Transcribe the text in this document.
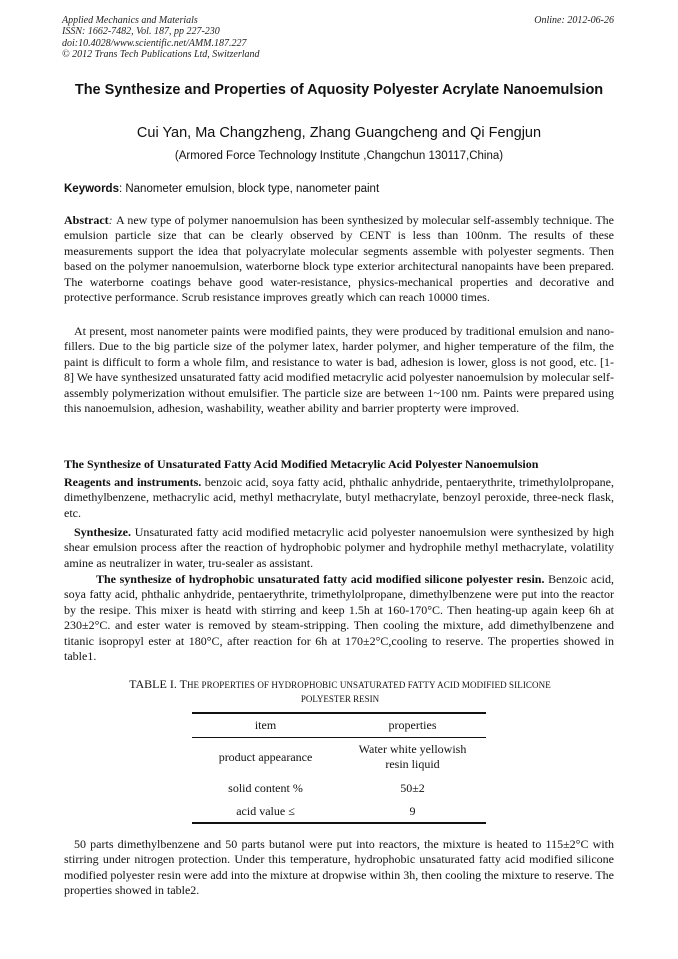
Applied Mechanics and Materials
ISSN: 1662-7482, Vol. 187, pp 227-230
doi:10.4028/www.scientific.net/AMM.187.227
© 2012 Trans Tech Publications Ltd, Switzerland
Online: 2012-06-26
The Synthesize and Properties of Aquosity Polyester Acrylate Nanoemulsion
Cui Yan, Ma Changzheng, Zhang Guangcheng and Qi Fengjun
(Armored Force Technology Institute ,Changchun 130117,China)
Keywords: Nanometer emulsion, block type, nanometer paint

Abstract: A new type of polymer nanoemulsion has been synthesized by molecular self-assembly technique. The emulsion particle size that can be clearly observed by CENT is less than 100nm. The results of these measurements support the idea that polyacrylate molecular segments assemble with polyester segments. Then based on the polymer nanoemulsion, waterborne block type exterior architectural nanopaints have been prepared. The waterborne coatings behave good water-resistance, physics-mechanical properties and decorative and protective performance. Scrub resistance improves greatly which can reach 10000 times.

At present, most nanometer paints were modified paints, they were produced by traditional emulsion and nano-fillers. Due to the big particle size of the polymer latex, harder polymer, and higher temperature of the film, the paint is difficult to form a whole film, and resistance to water is bad, adhesion is lower, gloss is not good, etc. [1-8] We have synthesized unsaturated fatty acid modified metacrylic acid polyester nanoemulsion by molecular self-assembly polymerization without emulsifier. The particle size are between 1~100 nm. Paints were prepared using this nanoemulsion, adhesion, washability, weather ability and barrier propterty were improved.

The Synthesize of Unsaturated Fatty Acid Modified Metacrylic Acid Polyester Nanoemulsion

Reagents and instruments. benzoic acid, soya fatty acid, phthalic anhydride, pentaerythrite, trimethylolpropane, dimethylbenzene, methacrylic acid, methyl methacrylate, butyl methacrylate, benzoyl peroxide, three-neck flask, etc.

Synthesize. Unsaturated fatty acid modified metacrylic acid polyester nanoemulsion were synthesized by high shear emulsion process after the reaction of hydrophobic polymer and hydrophile methyl methacrylate, volatility amine as neutralizer in water, tru-sealer as assistant.

The synthesize of hydrophobic unsaturated fatty acid modified silicone polyester resin. Benzoic acid, soya fatty acid, phthalic anhydride, pentaerythrite, trimethylolpropane, dimethylbenzene were put into the reactor by the resipe. This mixer is heatd with stirring and keep 1.5h at 160-170°C. Then heating-up again keep 6h at 230±2°C. and ester water is removed by steam-stripping. Then cooling the mixture, add dimethylbenzene and titanic isopropyl ester at 180°C, after reaction for 6h at 170±2°C,cooling to reserve. The properties showed in table1.

TABLE I. THE PROPERTIES OF HYDROPHOBIC UNSATURATED FATTY ACID MODIFIED SILICONE
POLYESTER RESIN
item	properties
product appearance	Water white yellowish resin liquid
solid content %	50±2
acid value ≤	9

50 parts dimethylbenzene and 50 parts butanol were put into reactors, the mixture is heated to 115±2°C with stirring under nitrogen protection. Under this temperature, hydrophobic unsaturated fatty acid modified silicone modified polyester resin were add into the mixture at dropwise within 3h, then cooling the mixture to reserve. The properties showed in table2.
